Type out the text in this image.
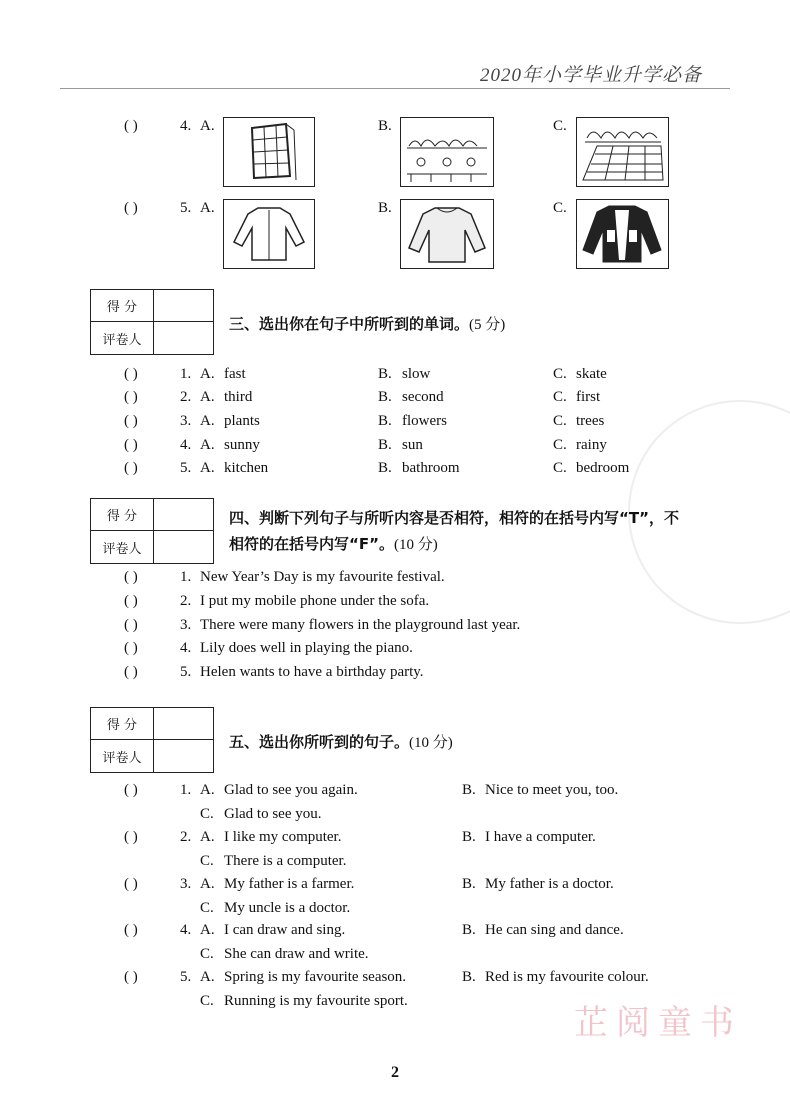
2020年小学毕业升学必备
( )	4. A.	B.	C.
( )	5. A.	B.	C.
得 分
评卷人
三、选出你在句子中所听到的单词。(5 分)
( )	1. A. fast	B. slow	C. skate
( )	2. A. third	B. second	C. first
( )	3. A. plants	B. flowers	C. trees
( )	4. A. sunny	B. sun	C. rainy
( )	5. A. kitchen	B. bathroom	C. bedroom
得 分
评卷人
四、判断下列句子与所听内容是否相符，相符的在括号内写“T”，不
相符的在括号内写“F”。(10 分)
( )	1. New Year’s Day is my favourite festival.
( )	2. I put my mobile phone under the sofa.
( )	3. There were many flowers in the playground last year.
( )	4. Lily does well in playing the piano.
( )	5. Helen wants to have a birthday party.
得 分
评卷人
五、选出你所听到的句子。(10 分)
( )	1. A. Glad to see you again.	B. Nice to meet you, too.
C. Glad to see you.
( )	2. A. I like my computer.	B. I have a computer.
C. There is a computer.
( )	3. A. My father is a farmer.	B. My father is a doctor.
C. My uncle is a doctor.
( )	4. A. I can draw and sing.	B. He can sing and dance.
C. She can draw and write.
( )	5. A. Spring is my favourite season.	B. Red is my favourite colour.
C. Running is my favourite sport.
芷阅童书
2
